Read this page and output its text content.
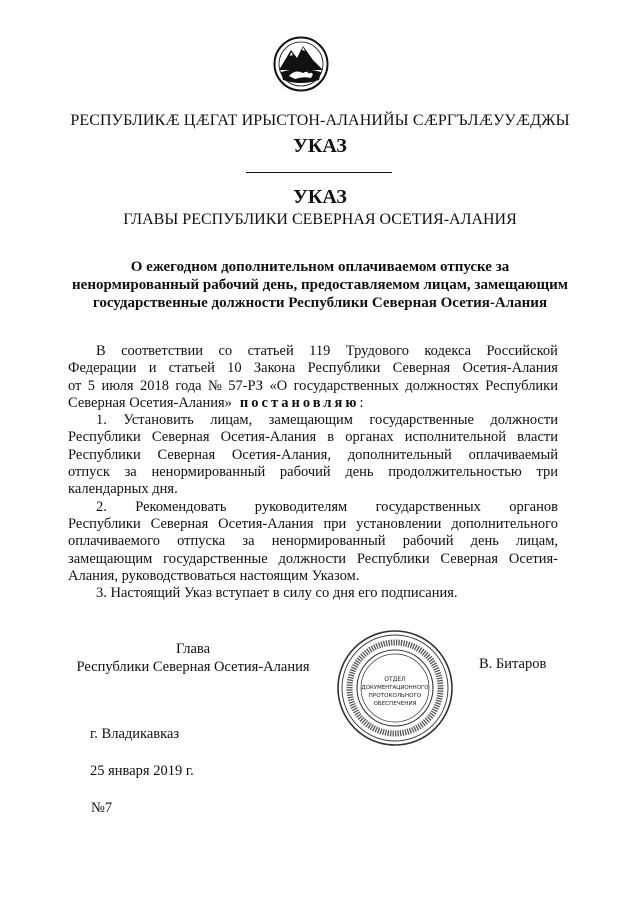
РЕСПУБЛИКӔ ЦӔГАТ ИРЫСТОН-АЛАНИЙЫ СӔРГЪЛӔУУӔДЖЫ
УКАЗ
УКАЗ
ГЛАВЫ РЕСПУБЛИКИ СЕВЕРНАЯ ОСЕТИЯ-АЛАНИЯ
О ежегодном дополнительном оплачиваемом отпуске за
ненормированный рабочий день, предоставляемом лицам, замещающим
государственные должности Республики Северная Осетия-Алания
В соответствии со статьей 119 Трудового кодекса Российской
Федерации и статьей 10 Закона Республики Северная Осетия-Алания
от 5 июля 2018 года № 57-РЗ «О государственных должностях Республики
Северная Осетия-Алания» постановляю :
1. Установить лицам, замещающим государственные должности
Республики Северная Осетия-Алания в органах исполнительной власти
Республики Северная Осетия-Алания, дополнительный оплачиваемый
отпуск за ненормированный рабочий день продолжительностью три
календарных дня.
2. Рекомендовать руководителям государственных органов
Республики Северная Осетия-Алания при установлении дополнительного
оплачиваемого отпуска за ненормированный рабочий день лицам,
замещающим государственные должности Республики Северная Осетия-
Алания, руководствоваться настоящим Указом.
3. Настоящий Указ вступает в силу со дня его подписания.
Глава
Республики Северная Осетия-Алания
ОТДЕЛ
ДОКУМЕНТАЦИОННОГО
ПРОТОКОЛЬНОГО
ОБЕСПЕЧЕНИЯ
В. Битаров
г. Владикавказ
25 января 2019 г.
№7
